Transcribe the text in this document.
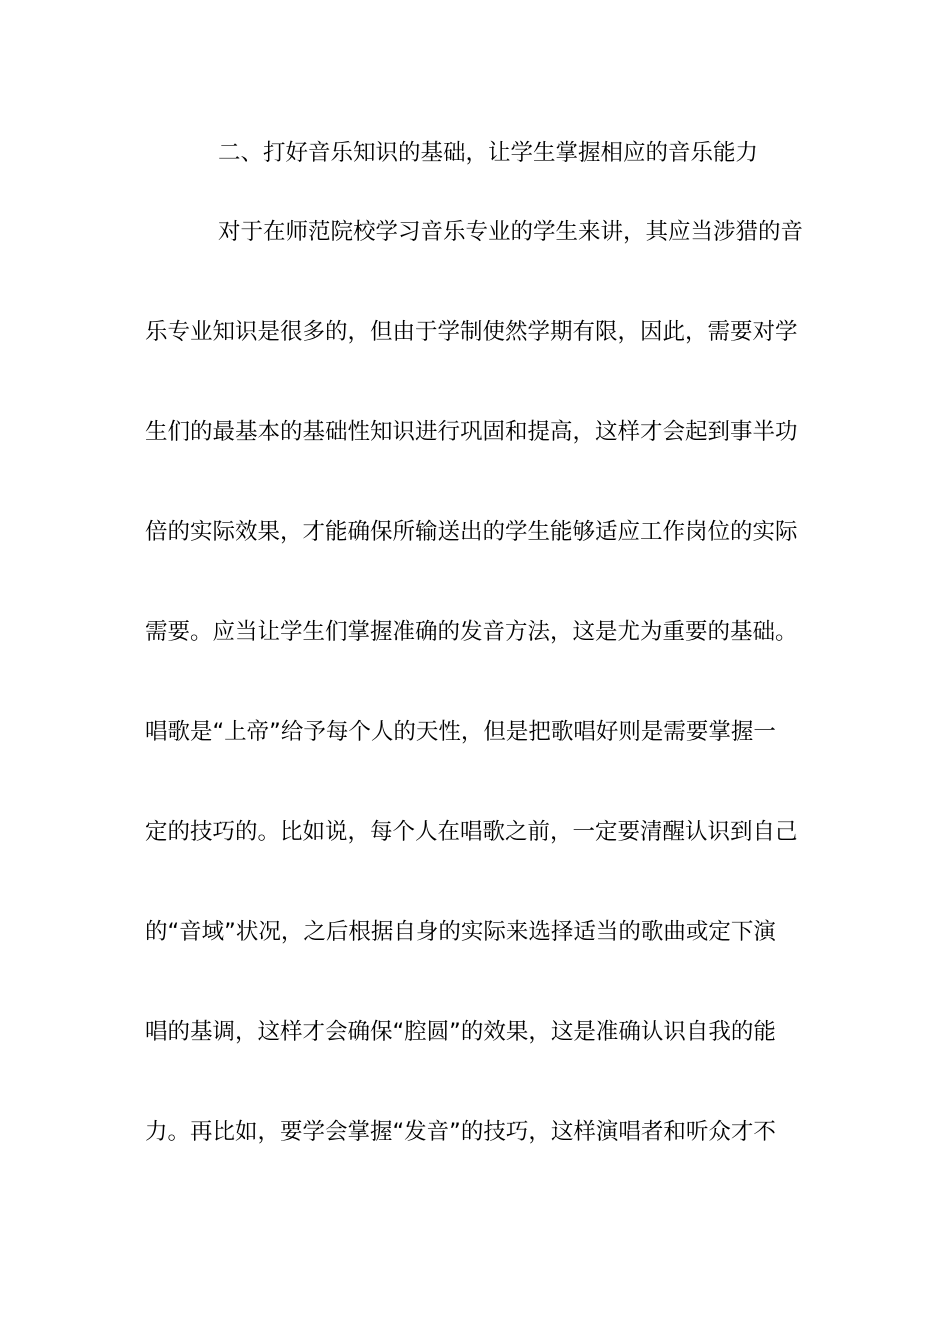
二、打好音乐知识的基础，让学生掌握相应的音乐能力
对于在师范院校学习音乐专业的学生来讲，其应当涉猎的音
乐专业知识是很多的，但由于学制使然学期有限，因此，需要对学
生们的最基本的基础性知识进行巩固和提高，这样才会起到事半功
倍的实际效果，才能确保所输送出的学生能够适应工作岗位的实际
需要。应当让学生们掌握准确的发音方法，这是尤为重要的基础。
唱歌是“上帝”给予每个人的天性，但是把歌唱好则是需要掌握一
定的技巧的。比如说，每个人在唱歌之前，一定要清醒认识到自己
的“音域”状况，之后根据自身的实际来选择适当的歌曲或定下演
唱的基调，这样才会确保“腔圆”的效果，这是准确认识自我的能
力。再比如，要学会掌握“发音”的技巧，这样演唱者和听众才不
